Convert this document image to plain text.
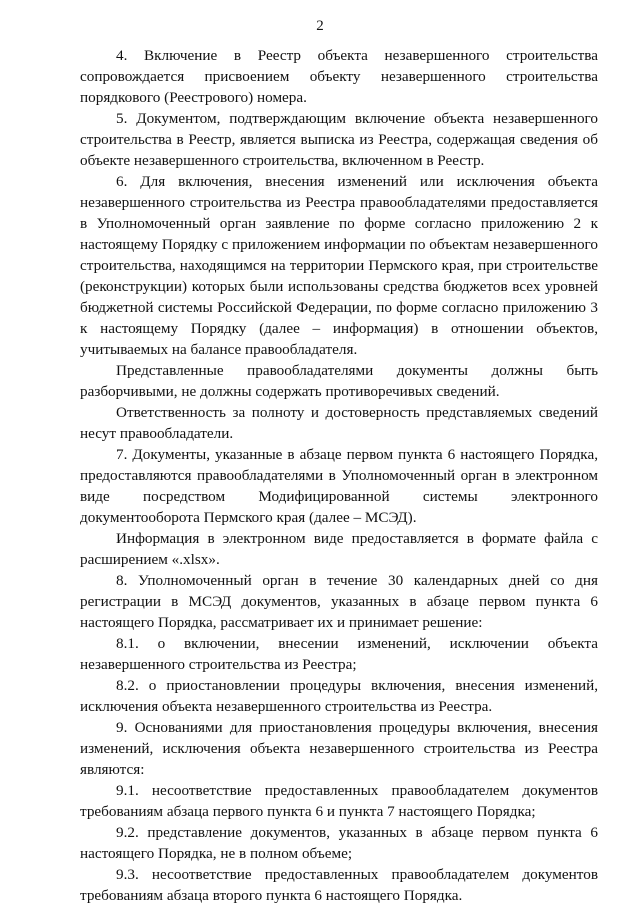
2

4. Включение в Реестр объекта незавершенного строительства сопровождается присвоением объекту незавершенного строительства порядкового (Реестрового) номера.

5. Документом, подтверждающим включение объекта незавершенного строительства в Реестр, является выписка из Реестра, содержащая сведения об объекте незавершенного строительства, включенном в Реестр.

6. Для включения, внесения изменений или исключения объекта незавершенного строительства из Реестра правообладателями предоставляется в Уполномоченный орган заявление по форме согласно приложению 2 к настоящему Порядку с приложением информации по объектам незавершенного строительства, находящимся на территории Пермского края, при строительстве (реконструкции) которых были использованы средства бюджетов всех уровней бюджетной системы Российской Федерации, по форме согласно приложению 3 к настоящему Порядку (далее – информация) в отношении объектов, учитываемых на балансе правообладателя.

Представленные правообладателями документы должны быть разборчивыми, не должны содержать противоречивых сведений.

Ответственность за полноту и достоверность представляемых сведений несут правообладатели.

7. Документы, указанные в абзаце первом пункта 6 настоящего Порядка, предоставляются правообладателями в Уполномоченный орган в электронном виде посредством Модифицированной системы электронного документооборота Пермского края (далее – МСЭД).

Информация в электронном виде предоставляется в формате файла с расширением «.xlsx».

8. Уполномоченный орган в течение 30 календарных дней со дня регистрации в МСЭД документов, указанных в абзаце первом пункта 6 настоящего Порядка, рассматривает их и принимает решение:

8.1. о включении, внесении изменений, исключении объекта незавершенного строительства из Реестра;

8.2. о приостановлении процедуры включения, внесения изменений, исключения объекта незавершенного строительства из Реестра.

9. Основаниями для приостановления процедуры включения, внесения изменений, исключения объекта незавершенного строительства из Реестра являются:

9.1. несоответствие предоставленных правообладателем документов требованиям абзаца первого пункта 6 и пункта 7 настоящего Порядка;

9.2. представление документов, указанных в абзаце первом пункта 6 настоящего Порядка, не в полном объеме;

9.3. несоответствие предоставленных правообладателем документов требованиям абзаца второго пункта 6 настоящего Порядка.
